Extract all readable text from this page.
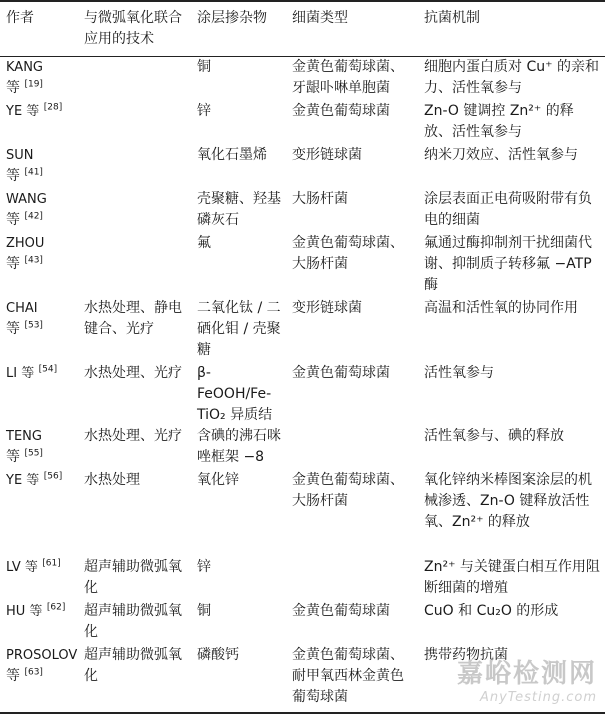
作者	与微弧氧化联合应用的技术	涂层掺杂物	细菌类型	抗菌机制
KANG
等 [19]		铜	金黄色葡萄球菌、牙龈卟啉单胞菌	细胞内蛋白质对 Cu⁺ 的亲和力、活性氧参与
YE 等 [28]		锌	金黄色葡萄球菌	Zn-O 键调控 Zn²⁺ 的释放、活性氧参与
SUN
等 [41]		氧化石墨烯	变形链球菌	纳米刀效应、活性氧参与
WANG
等 [42]		壳聚糖、羟基磷灰石	大肠杆菌	涂层表面正电荷吸附带有负电的细菌
ZHOU
等 [43]		氟	金黄色葡萄球菌、大肠杆菌	氟通过酶抑制剂干扰细菌代谢、抑制质子转移氟 −ATP 酶
CHAI
等 [53]	水热处理、静电键合、光疗	二氧化钛 / 二硒化钼 / 壳聚糖	变形链球菌	高温和活性氧的协同作用
LI 等 [54]	水热处理、光疗	β-FeOOH/Fe-TiO₂ 异质结	金黄色葡萄球菌	活性氧参与
TENG
等 [55]	水热处理、光疗	含碘的沸石咪唑框架 −8		活性氧参与、碘的释放
YE 等 [56]	水热处理	氧化锌	金黄色葡萄球菌、大肠杆菌	氧化锌纳米棒图案涂层的机械渗透、Zn-O 键释放活性氧、Zn²⁺ 的释放
LV 等 [61]	超声辅助微弧氧化	锌		Zn²⁺ 与关键蛋白相互作用阻断细菌的增殖
HU 等 [62]	超声辅助微弧氧化	铜	金黄色葡萄球菌	CuO 和 Cu₂O 的形成
PROSOLOV
等 [63]	超声辅助微弧氧化	磷酸钙	金黄色葡萄球菌、耐甲氧西林金黄色葡萄球菌	携带药物抗菌
嘉峪检测网
AnyTesting.com
